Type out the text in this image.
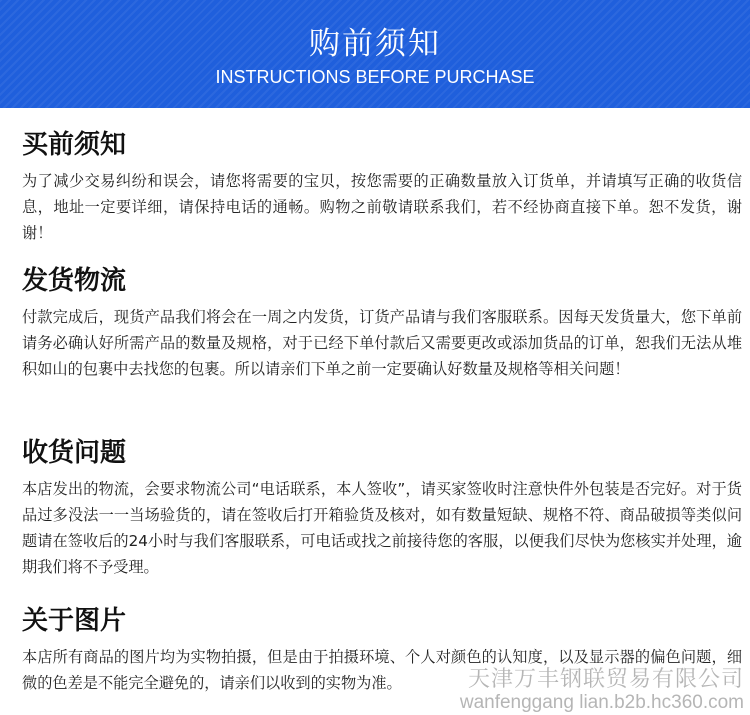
购前须知
INSTRUCTIONS BEFORE PURCHASE
买前须知

为了减少交易纠纷和误会，请您将需要的宝贝，按您需要的正确数量放入订货单，并请填写正确的收货信息，地址一定要详细，请保持电话的通畅。购物之前敬请联系我们，若不经协商直接下单。恕不发货，谢谢！

发货物流

付款完成后，现货产品我们将会在一周之内发货，订货产品请与我们客服联系。因每天发货量大，您下单前请务必确认好所需产品的数量及规格，对于已经下单付款后又需要更改或添加货品的订单，恕我们无法从堆积如山的包裹中去找您的包裹。所以请亲们下单之前一定要确认好数量及规格等相关问题！

收货问题

本店发出的物流，会要求物流公司“电话联系，本人签收”，请买家签收时注意快件外包装是否完好。对于货品过多没法一一当场验货的，请在签收后打开箱验货及核对，如有数量短缺、规格不符、商品破损等类似问题请在签收后的24小时与我们客服联系，可电话或找之前接待您的客服，以便我们尽快为您核实并处理，逾期我们将不予受理。

关于图片

本店所有商品的图片均为实物拍摄，但是由于拍摄环境、个人对颜色的认知度，以及显示器的偏色问题，细微的色差是不能完全避免的，请亲们以收到的实物为准。	天津万丰钢联贸易有限公司
wanfenggang lian.b2b.hc360.com
